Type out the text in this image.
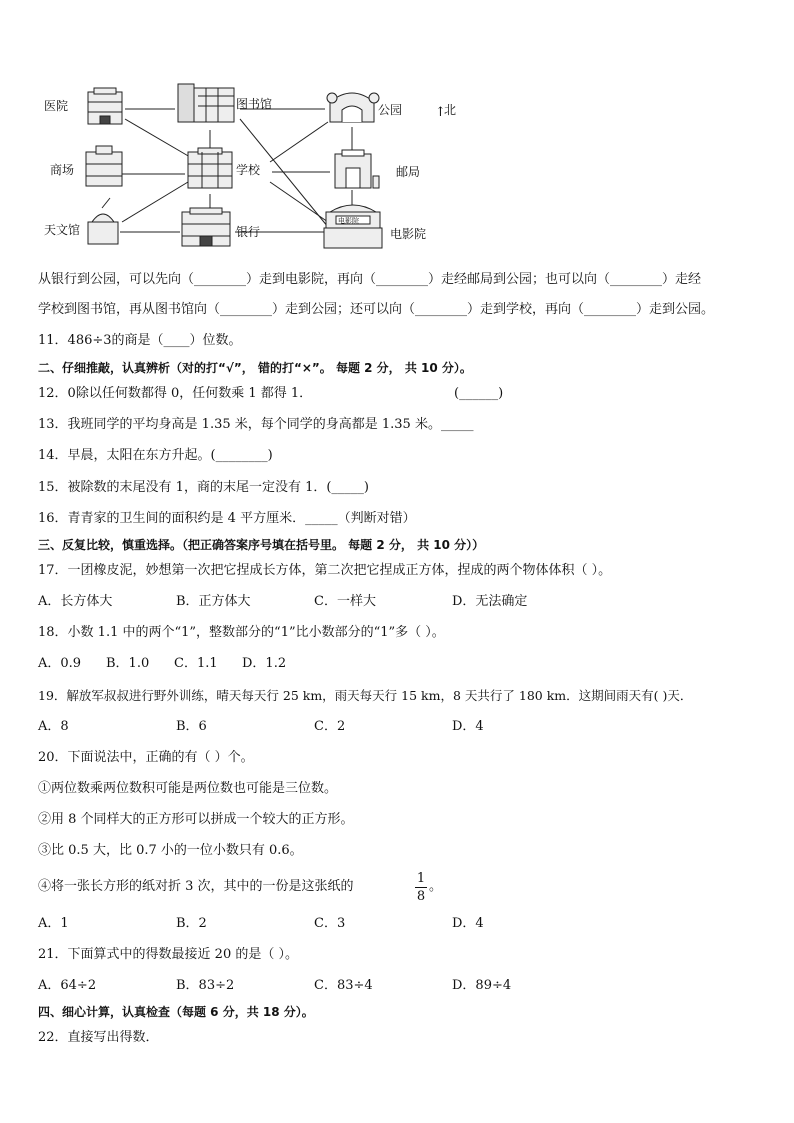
医院	图书馆	公园	↑
北
商场	学校	邮局
天文馆	银行	电影院
电影院
从银行到公园，可以先向（________）走到电影院，再向（________）走经邮局到公园；也可以向（________）走经
学校到图书馆，再从图书馆向（________）走到公园；还可以向（________）走到学校，再向（________）走到公园。
11．486÷3的商是（____）位数。
二、仔细推敲，认真辨析（对的打“√”， 错的打“×”。 每题 2 分， 共 10 分）。
12．0除以任何数都得 0，任何数乘 1 都得 1．	(______)
13．我班同学的平均身高是 1.35 米，每个同学的身高都是 1.35 米。_____
14．早晨，太阳在东方升起。(________)
15．被除数的末尾没有 1，商的末尾一定没有 1．(_____)
16．青青家的卫生间的面积约是 4 平方厘米．_____（判断对错）
三、反复比较，慎重选择。（把正确答案序号填在括号里。 每题 2 分， 共 10 分））
17．一团橡皮泥，妙想第一次把它捏成长方体，第二次把它捏成正方体，捏成的两个物体体积（ ）。
A．长方体大	B．正方体大	C．一样大	D．无法确定
18．小数 1.1 中的两个“1”，整数部分的“1”比小数部分的“1”多（ ）。
A．0.9 B．1.0 C．1.1 D．1.2
19．解放军叔叔进行野外训练，晴天每天行 25 km，雨天每天行 15 km，8 天共行了 180 km．这期间雨天有( )天．
A．8	B．6	C．2	D．4
20．下面说法中，正确的有（ ）个。
①两位数乘两位数积可能是两位数也可能是三位数。
②用 8 个同样大的正方形可以拼成一个较大的正方形。
③比 0.5 大，比 0.7 小的一位小数只有 0.6。
④将一张长方形的纸对折 3 次，其中的一份是这张纸的
1
8
。
A．1	B．2	C．3	D．4
21．下面算式中的得数最接近 20 的是（ ）。
A．64÷2	B．83÷2	C．83÷4	D．89÷4
四、细心计算，认真检查（每题 6 分，共 18 分）。
22．直接写出得数．
